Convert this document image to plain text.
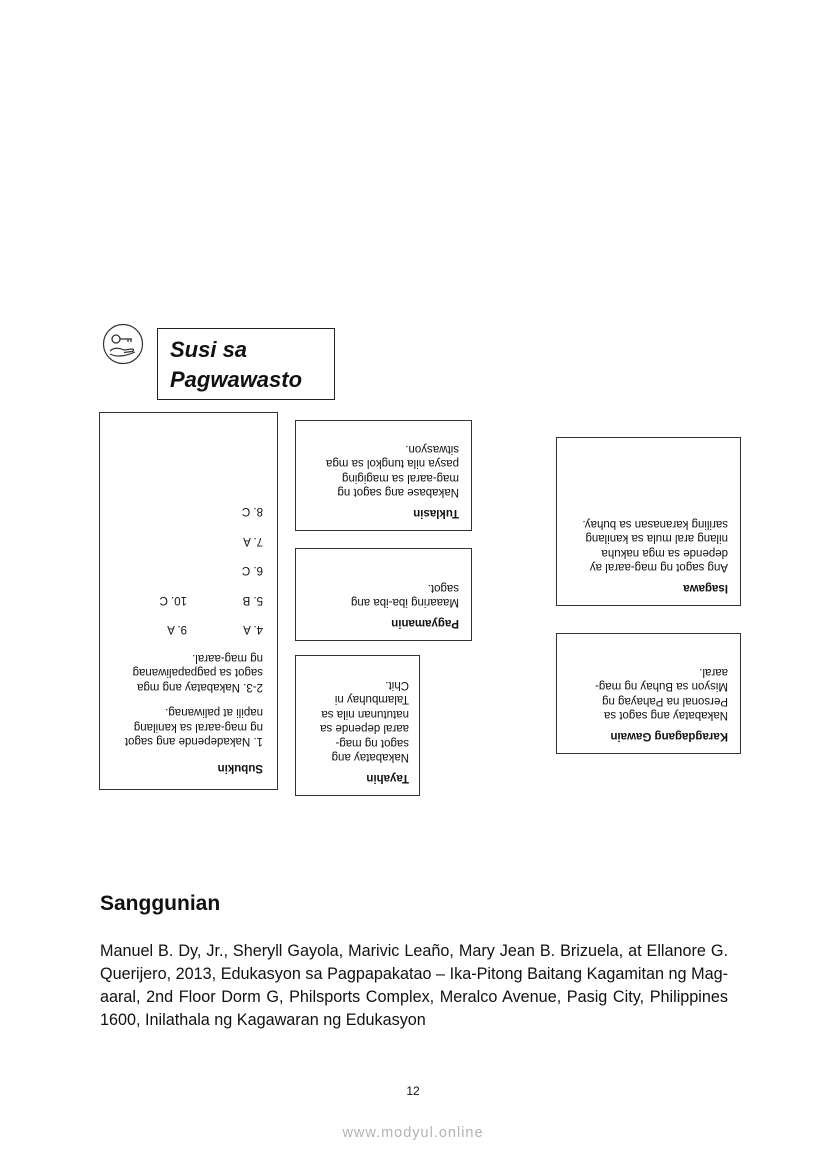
Susi sa
Pagwawasto
Subukin
1. Nakadepende ang sagot
ng mag-aaral sa kanilang
napili at paliwanag.
2-3. Nakabatay ang mga
sagot sa pagpapaliwanag
ng mag-aaral.
4. A
9. A
5. B
10. C
6. C
7. A
8. C	Tuklasin
Nakabase ang sagot ng
mag-aaral sa magiging
pasya nila tungkol sa mga
sitwasyon.
Pagyamanin
Maaaring iba-iba ang
sagot.
Tayahin
Nakabatay ang
sagot ng mag-
aaral depende sa
natutunan nila sa
Talambuhay ni
Chit.
Isagawa
Ang sagot ng mag-aaral ay
depende sa mga nakuha
nilang aral mula sa kanilang
sariling karanasan sa buhay.
Karagdagang Gawain
Nakabatay ang sagot sa
Personal na Pahayag ng
Misyon sa Buhay ng mag-
aaral.
Sanggunian

Manuel B. Dy, Jr., Sheryll Gayola, Marivic Leaño, Mary Jean B. Brizuela, at Ellanore G. Querijero, 2013, Edukasyon sa Pagpapakatao – Ika-Pitong Baitang Kagamitan ng Mag-aaral, 2nd Floor Dorm G, Philsports Complex, Meralco Avenue, Pasig City, Philippines 1600, Inilathala ng Kagawaran ng Edukasyon

12
www.modyul.online
